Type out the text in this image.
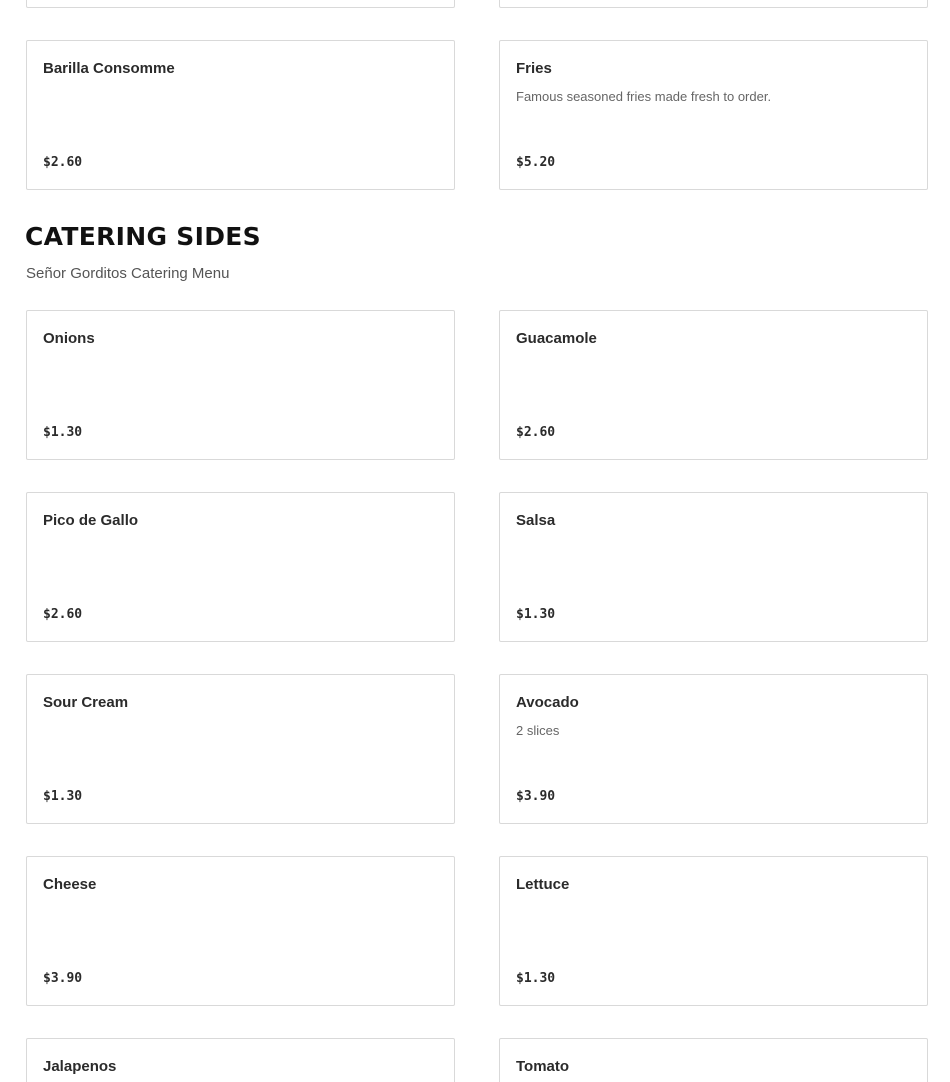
Barilla Consomme
$2.60
Fries
Famous seasoned fries made fresh to order.
$5.20
CATERING SIDES
Señor Gorditos Catering Menu
Onions
$1.30
Guacamole
$2.60
Pico de Gallo
$2.60
Salsa
$1.30
Sour Cream
$1.30
Avocado
2 slices
$3.90
Cheese
$3.90
Lettuce
$1.30
Jalapenos	Tomato
